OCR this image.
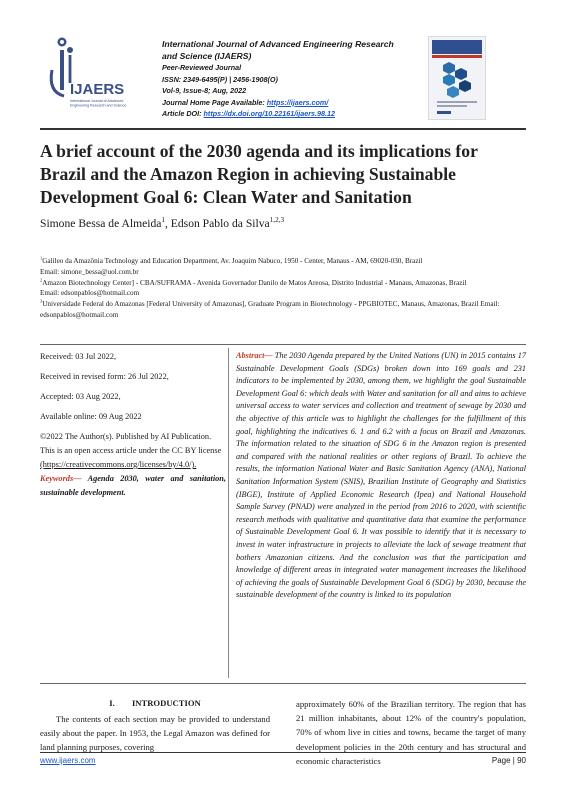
IJAERS
International Journal of Advanced
Engineering Research and Science
International Journal of Advanced Engineering Research and Science (IJAERS)
Peer-Reviewed Journal
ISSN: 2349-6495(P) | 2456-1908(O)
Vol-9, Issue-8; Aug, 2022
Journal Home Page Available: https://ijaers.com/
Article DOI: https://dx.doi.org/10.22161/ijaers.98.12
A brief account of the 2030 agenda and its implications for Brazil and the Amazon Region in achieving Sustainable Development Goal 6: Clean Water and Sanitation
Simone Bessa de Almeida$^1$, Edson Pablo da Silva$^{1,2,3}$
$^1$Galileo da Amazônia Technology and Education Department, Av. Joaquim Nabuco, 1950 - Center, Manaus - AM, 69020-030, Brazil
Email: simone_bessa@uol.com.br
$^2$Amazon Biotechnology Center] - CBA/SUFRAMA - Avenida Governador Danilo de Matos Areosa, Distrito Industrial - Manaus, Amazonas, Brazil
Email: edsonpablos@hotmail.com
$^3$Universidade Federal do Amazonas [Federal University of Amazonas], Graduate Program in Biotechnology - PPGBIOTEC, Manaus, Amazonas, Brazil Email: edsonpablos@hotmail.com

Received: 03 Jul 2022,

Received in revised form: 26 Jul 2022,

Accepted: 03 Aug 2022,

Available online: 09 Aug 2022

©2022 The Author(s). Published by AI Publication. This is an open access article under the CC BY license (https://creativecommons.org/licenses/by/4.0/).

Keywords— Agenda 2030, water and sanitation, sustainable development.

Abstract— The 2030 Agenda prepared by the United Nations (UN) in 2015 contains 17 Sustainable Development Goals (SDGs) broken down into 169 goals and 231 indicators to be implemented by 2030, among them, we highlight the goal Sustainable Development Goal 6: which deals with Water and sanitation for all and aims to achieve universal access to water services and collection and treatment of sewage by 2030 and the objective of this article was to highlight the challenges for the fulfillment of this goal, highlighting the indicatives 6. 1 and 6.2 with a focus on Brazil and Amazonas. The information related to the situation of SDG 6 in the Amazon region is presented and compared with the national realities or other regions of Brazil. To achieve the results, the information National Water and Basic Sanitation Agency (ANA), National Sanitation Information System (SNIS), Brazilian Institute of Geography and Statistics (IBGE), Institute of Applied Economic Research (Ipea) and National Household Sample Survey (PNAD) were analyzed in the period from 2016 to 2020, with scientific research methods with qualitative and quantitative data that examine the performance of Sustainable Development Goal 6. It was possible to identify that it is necessary to invest in water infrastructure in projects to alleviate the lack of sewage treatment that bothers Amazonian citizens. And the conclusion was that the participation and knowledge of different areas in integrated water management increases the likelihood of achieving the goals of Sustainable Development Goal 6 (SDG) by 2030, because the sustainable development of the country is linked to its population
I.  INTRODUCTION
The contents of each section may be provided to understand easily about the paper. In 1953, the Legal Amazon was defined for land planning purposes, covering
approximately 60% of the Brazilian territory. The region that has 21 million inhabitants, about 12% of the country's population, 70% of whom live in cities and towns, became the target of many development policies in the 20th century and has structural and economic characteristics
www.ijaers.com	Page | 90
